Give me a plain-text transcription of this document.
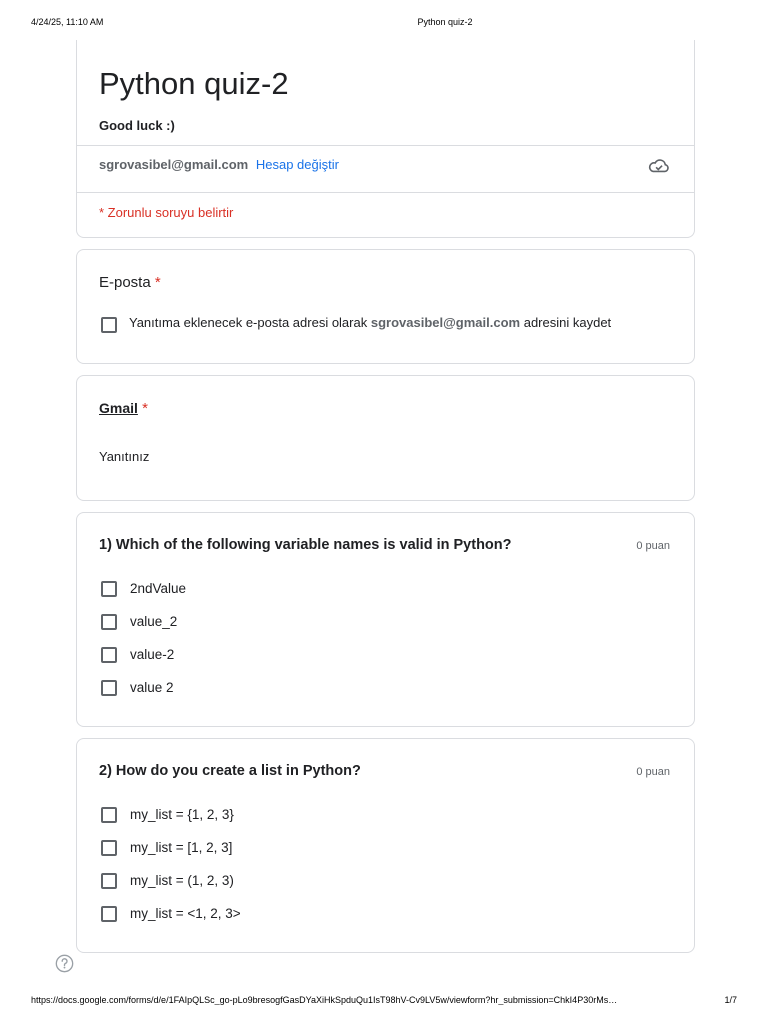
4/24/25, 11:10 AM	Python quiz-2
Python quiz-2
Good luck :)
sgrovasibel@gmail.com Hesap değiştir
* Zorunlu soruyu belirtir
E-posta *
Yanıtıma eklenecek e-posta adresi olarak sgrovasibel@gmail.com adresini kaydet
Gmail *
Yanıtınız
1) Which of the following variable names is valid in Python?	0 puan
2ndValue
value_2
value-2
value 2
2) How do you create a list in Python?	0 puan
my_list = {1, 2, 3}
my_list = [1, 2, 3]
my_list = (1, 2, 3)
my_list = <1, 2, 3>
https://docs.google.com/forms/d/e/1FAIpQLSc_go-pLo9bresogfGasDYaXiHkSpduQu1IsT98hV-Cv9LV5w/viewform?hr_submission=ChkI4P30rMs…	1/7
